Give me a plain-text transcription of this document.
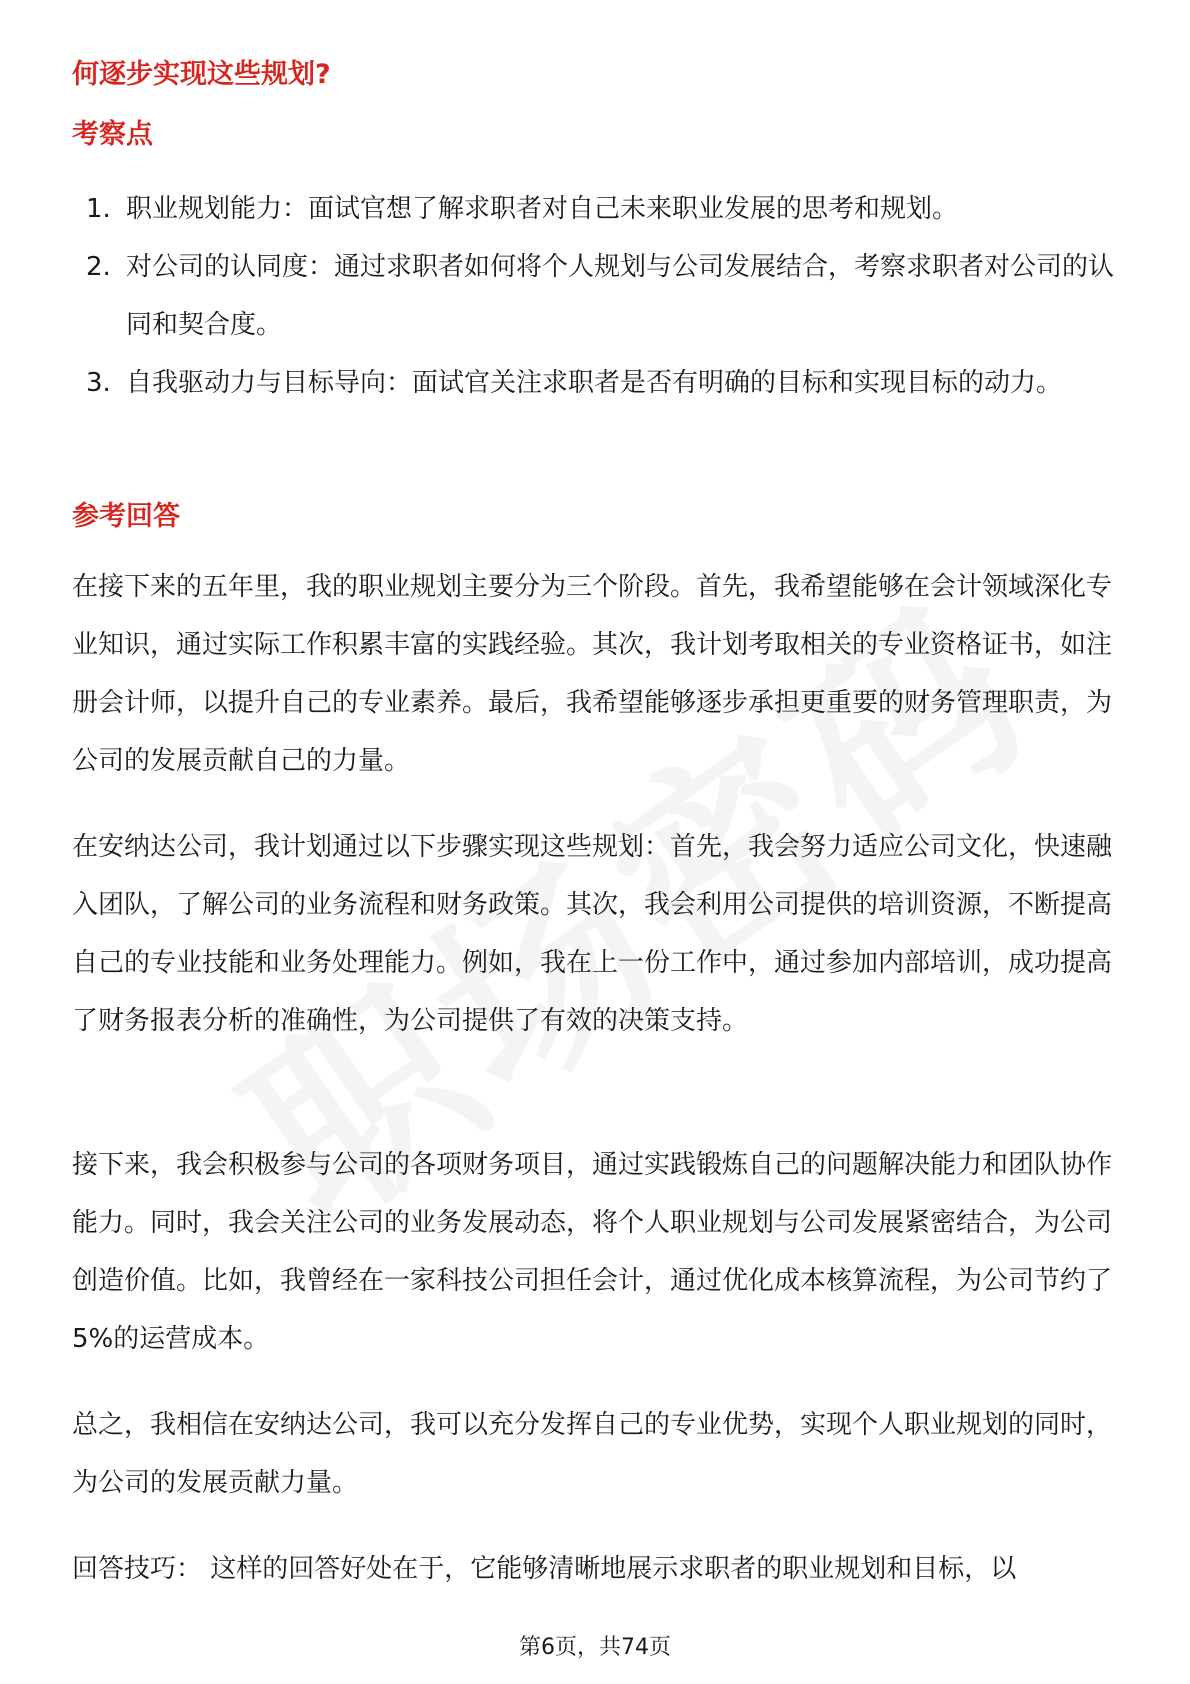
何逐步实现这些规划?
考察点
1. 职业规划能力：面试官想了解求职者对自己未来职业发展的思考和规划。
2. 对公司的认同度：通过求职者如何将个人规划与公司发展结合，考察求职者对公司的认同和契合度。
3. 自我驱动力与目标导向：面试官关注求职者是否有明确的目标和实现目标的动力。
参考回答

在接下来的五年里，我的职业规划主要分为三个阶段。首先，我希望能够在会计领域深化专业知识，通过实际工作积累丰富的实践经验。其次，我计划考取相关的专业资格证书，如注册会计师，以提升自己的专业素养。最后，我希望能够逐步承担更重要的财务管理职责，为公司的发展贡献自己的力量。

在安纳达公司，我计划通过以下步骤实现这些规划：首先，我会努力适应公司文化，快速融入团队，了解公司的业务流程和财务政策。其次，我会利用公司提供的培训资源，不断提高自己的专业技能和业务处理能力。例如，我在上一份工作中，通过参加内部培训，成功提高了财务报表分析的准确性，为公司提供了有效的决策支持。

接下来，我会积极参与公司的各项财务项目，通过实践锻炼自己的问题解决能力和团队协作能力。同时，我会关注公司的业务发展动态，将个人职业规划与公司发展紧密结合，为公司创造价值。比如，我曾经在一家科技公司担任会计，通过优化成本核算流程，为公司节约了5%的运营成本。

总之，我相信在安纳达公司，我可以充分发挥自己的专业优势，实现个人职业规划的同时，为公司的发展贡献力量。

回答技巧： 这样的回答好处在于，它能够清晰地展示求职者的职业规划和目标，以

第6页，共74页
